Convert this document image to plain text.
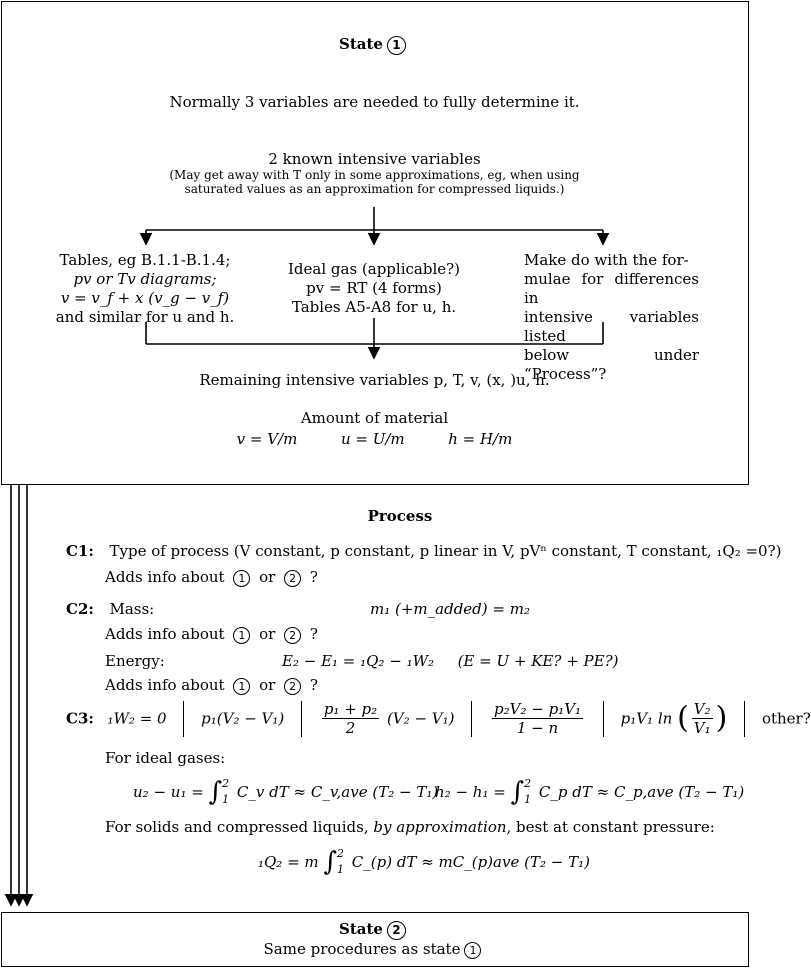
State 1
Normally 3 variables are needed to fully determine it.
2 known intensive variables
(May get away with T only in some approximations, eg, when using
saturated values as an approximation for compressed liquids.)
Tables, eg B.1.1-B.1.4;
pv or Tv diagrams;
v = v_f + x (v_g − v_f)
and similar for u and h.
Ideal gas (applicable?)
pv = RT (4 forms)
Tables A5-A8 for u, h.
Make do with the for-
mulae for differences in
intensive variables listed
below under “Process”?
Remaining intensive variables p, T, v, (x, )u, h.
Amount of material
v = V/m	u = U/m	h = H/m
Process
C1: Type of process (V constant, p constant, p linear in V, pVⁿ constant, T constant, ₁Q₂ =0?)
Adds info about 1 or 2 ?
C2: Mass:	m₁ (+m_added) = m₂
Adds info about 1 or 2 ?
Energy:	E₂ − E₁ = ₁Q₂ − ₁W₂ (E = U + KE? + PE?)
Adds info about 1 or 2 ?
C3: ₁W₂ = 0 p₁(V₂ − V₁)	$\frac{\text{p₁ + p₂}}{2} (V_2 - V_1)$	$\frac{\text{p₂V₂ − p₁V₁}}{1 - n}$	p₁V₁ ln ( $\frac{\text{V₂}}{\text{V₁}}$ ) other?
For ideal gases:
u₂ − u₁ = ∫2
1 C_v dT ≈ C_v,ave (T₂ − T₁)
h₂ − h₁ = ∫2
1 C_p dT ≈ C_p,ave (T₂ − T₁)
For solids and compressed liquids, by approximation, best at constant pressure:
₁Q₂ = m ∫2
1 C_(p) dT ≈ mC_(p)ave (T₂ − T₁)
State 2
Same procedures as state 1
